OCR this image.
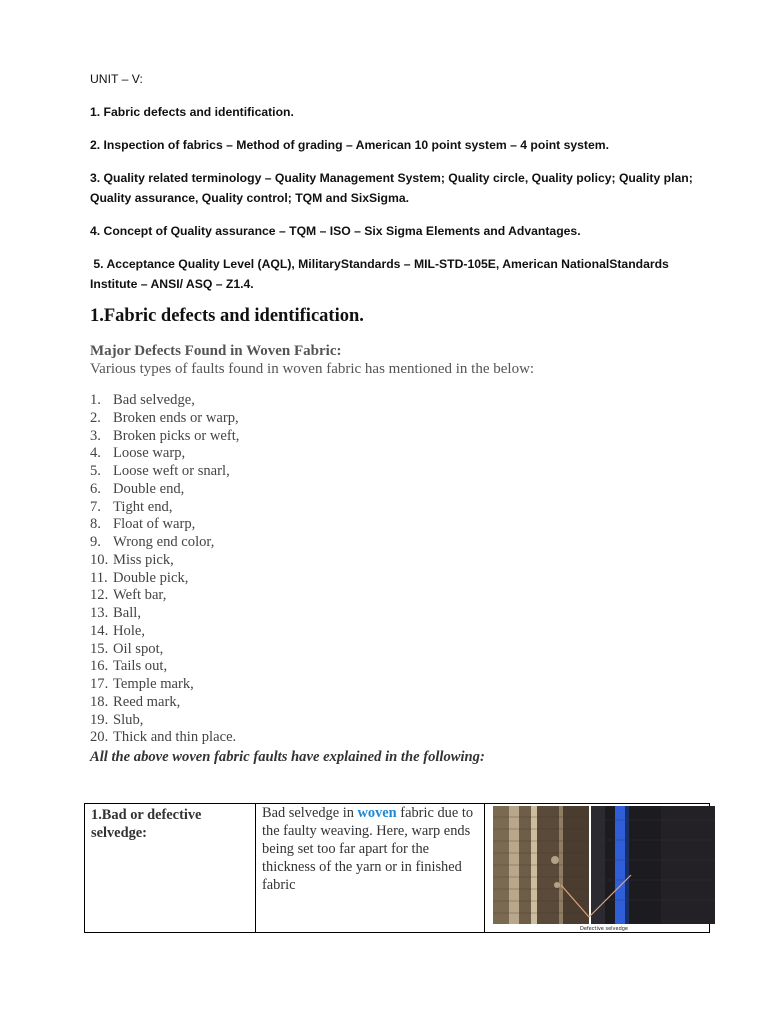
UNIT – V:
1. Fabric defects and identification.
2. Inspection of fabrics – Method of grading – American 10 point system – 4 point system.
3. Quality related terminology – Quality Management System; Quality circle, Quality policy; Quality plan;
Quality assurance, Quality control; TQM and SixSigma.
4. Concept of Quality assurance – TQM – ISO – Six Sigma Elements and Advantages.
5. Acceptance Quality Level (AQL), MilitaryStandards – MIL-STD-105E, American NationalStandards
Institute – ANSI/ ASQ – Z1.4.
1.Fabric defects and identification.
Major Defects Found in Woven Fabric:
Various types of faults found in woven fabric has mentioned in the below:
1. Bad selvedge,
2. Broken ends or warp,
3. Broken picks or weft,
4. Loose warp,
5. Loose weft or snarl,
6. Double end,
7. Tight end,
8. Float of warp,
9. Wrong end color,
10. Miss pick,
11. Double pick,
12. Weft bar,
13. Ball,
14. Hole,
15. Oil spot,
16. Tails out,
17. Temple mark,
18. Reed mark,
19. Slub,
20. Thick and thin place.
All the above woven fabric faults have explained in the following:
1.Bad or defective
selvedge:
	Bad selvedge in woven fabric due to the faulty weaving. Here, warp ends being set too far apart for the thickness of the yarn or in finished fabric	
Defective selvedge
